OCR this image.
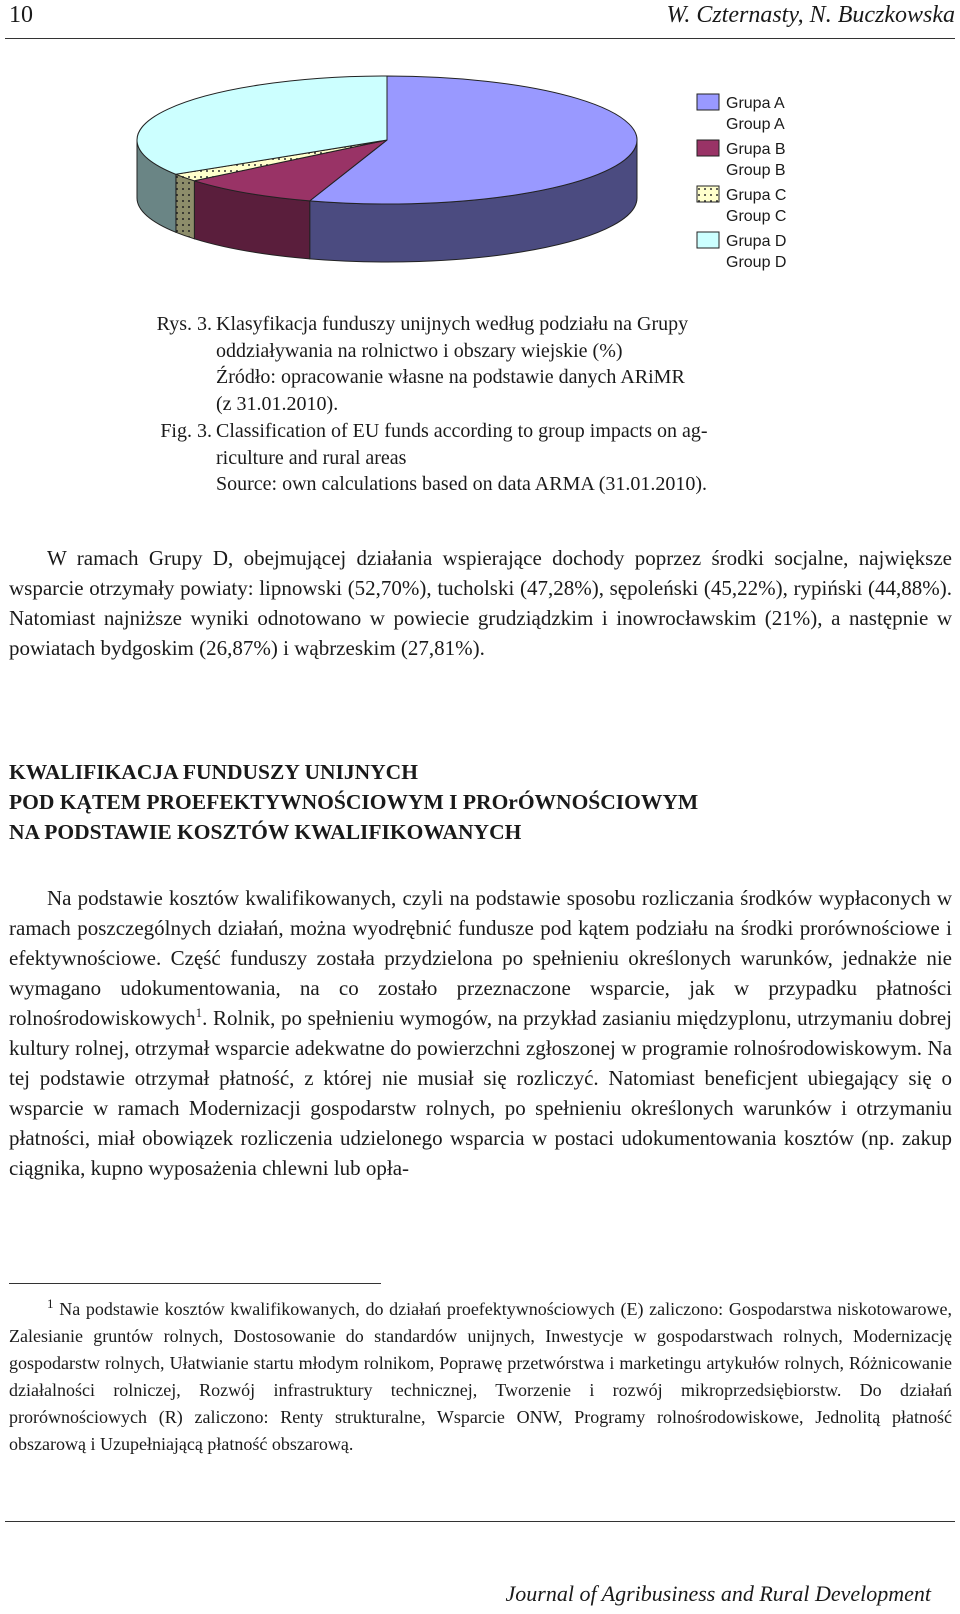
10	W. Czternasty, N. Buczkowska
Grupa A
Group A
Grupa B
Group B
Grupa C
Group C
Grupa D
Group D
Rys. 3. Klasyfikacja funduszy unijnych według podziału na Grupy
oddziaływania na rolnictwo i obszary wiejskie (%)
Źródło: opracowanie własne na podstawie danych ARiMR
(z 31.01.2010).
Fig. 3. Classification of EU funds according to group impacts on ag-
riculture and rural areas
Source: own calculations based on data ARMA (31.01.2010).
W ramach Grupy D, obejmującej działania wspierające dochody poprzez środki socjalne, największe wsparcie otrzymały powiaty: lipnowski (52,70%), tucholski (47,28%), sępoleński (45,22%), rypiński (44,88%). Natomiast najniższe wyniki odnotowano w powiecie grudziądzkim i inowrocławskim (21%), a następnie w powiatach bydgoskim (26,87%) i wąbrzeskim (27,81%).
KWALIFIKACJA FUNDUSZY UNIJNYCH
POD KĄTEM PROEFEKTYWNOŚCIOWYM I PROrÓWNOŚCIOWYM
NA PODSTAWIE KOSZTÓW KWALIFIKOWANYCH
Na podstawie kosztów kwalifikowanych, czyli na podstawie sposobu rozliczania środków wypłaconych w ramach poszczególnych działań, można wyodrębnić fundusze pod kątem podziału na środki prorównościowe i efektywnościowe. Część funduszy została przydzielona po spełnieniu określonych warunków, jednakże nie wymagano udokumentowania, na co zostało przeznaczone wsparcie, jak w przypadku płatności rolnośrodowiskowych$^1$. Rolnik, po spełnieniu wymogów, na przykład zasianiu międzyplonu, utrzymaniu dobrej kultury rolnej, otrzymał wsparcie adekwatne do powierzchni zgłoszonej w programie rolnośrodowiskowym. Na tej podstawie otrzymał płatność, z której nie musiał się rozliczyć. Natomiast beneficjent ubiegający się o wsparcie w ramach Modernizacji gospodarstw rolnych, po spełnieniu określonych warunków i otrzymaniu płatności, miał obowiązek rozliczenia udzielonego wsparcia w postaci udokumentowania kosztów (np. zakup ciągnika, kupno wyposażenia chlewni lub opła-
$^1$ Na podstawie kosztów kwalifikowanych, do działań proefektywnościowych (E) zaliczono: Gospodarstwa niskotowarowe, Zalesianie gruntów rolnych, Dostosowanie do standardów unijnych, Inwestycje w gospodarstwach rolnych, Modernizację gospodarstw rolnych, Ułatwianie startu młodym rolnikom, Poprawę przetwórstwa i marketingu artykułów rolnych, Różnicowanie działalności rolniczej, Rozwój infrastruktury technicznej, Tworzenie i rozwój mikroprzedsiębiorstw. Do działań prorównościowych (R) zaliczono: Renty strukturalne, Wsparcie ONW, Programy rolnośrodowiskowe, Jednolitą płatność obszarową i Uzupełniającą płatność obszarową.
Journal of Agribusiness and Rural Development
